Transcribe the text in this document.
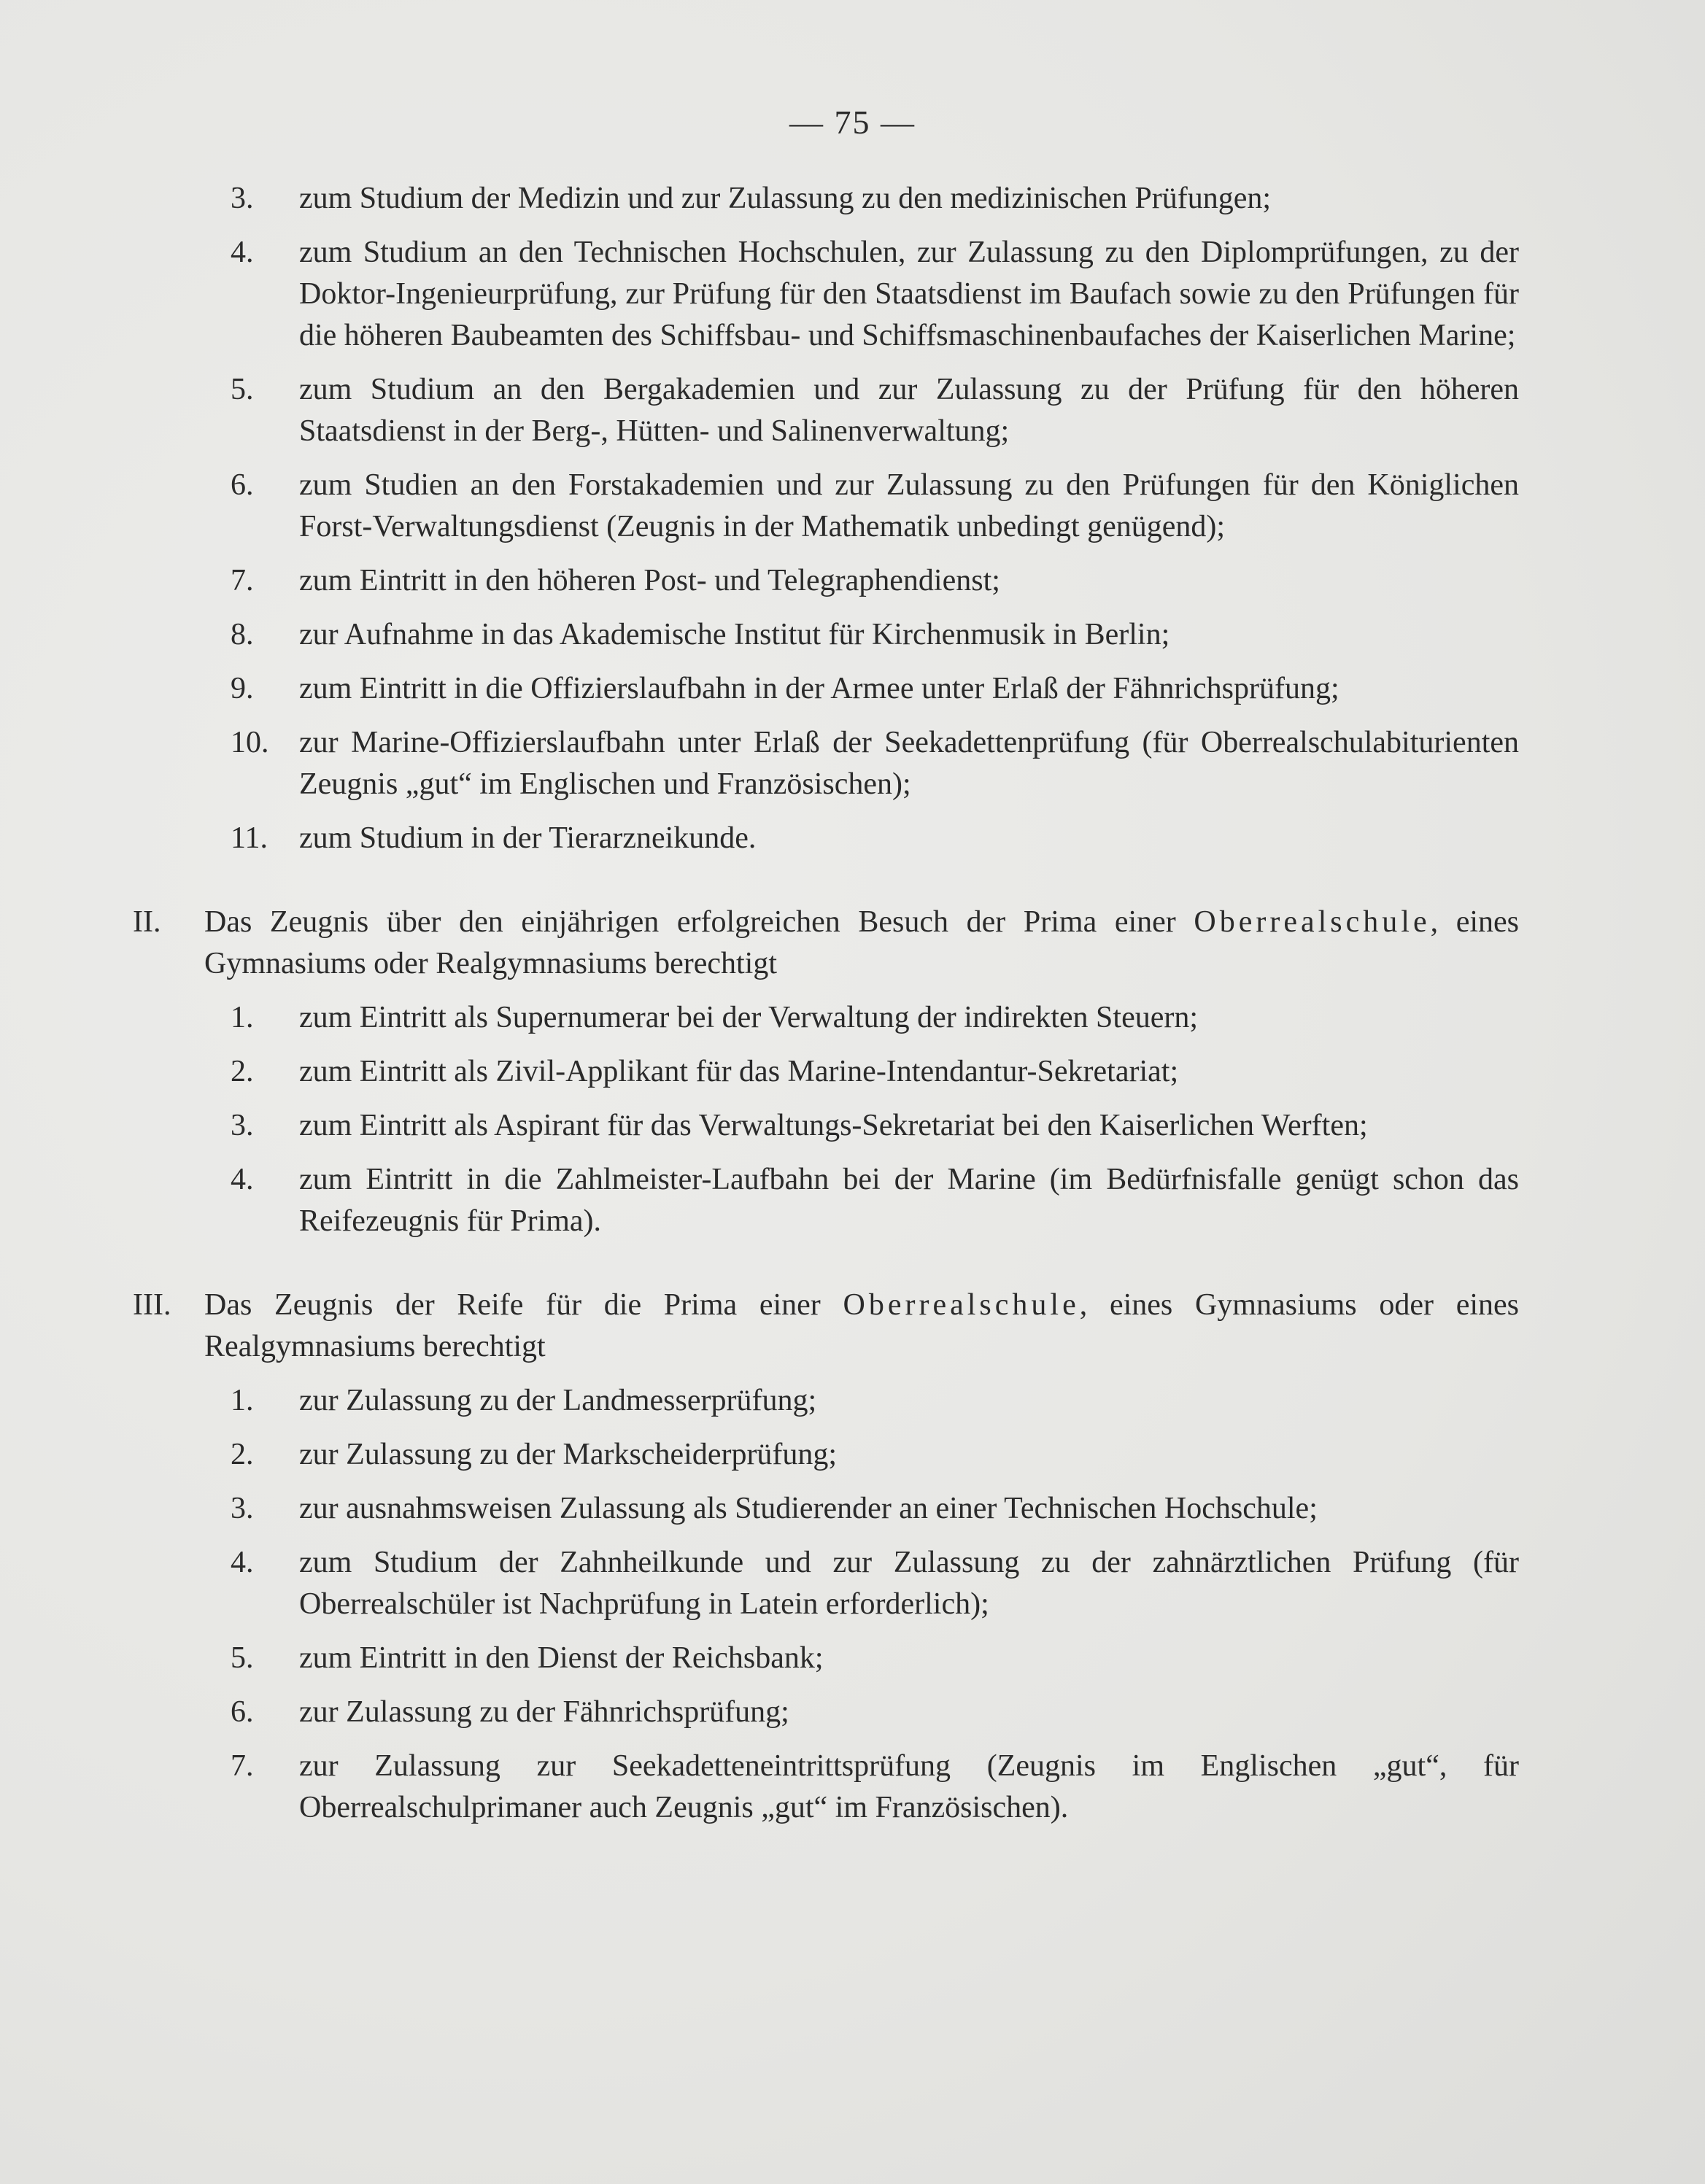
— 75 —
3.	zum Studium der Medizin und zur Zulassung zu den medizinischen Prüfungen;
4.	zum Studium an den Technischen Hochschulen, zur Zulassung zu den Diplomprüfungen, zu der Doktor-Ingenieurprüfung, zur Prüfung für den Staatsdienst im Baufach sowie zu den Prüfungen für die höheren Baubeamten des Schiffsbau- und Schiffsmaschinenbaufaches der Kaiserlichen Marine;
5.	zum Studium an den Bergakademien und zur Zulassung zu der Prüfung für den höheren Staatsdienst in der Berg-, Hütten- und Salinenverwaltung;
6.	zum Studien an den Forstakademien und zur Zulassung zu den Prüfungen für den Königlichen Forst-Verwaltungsdienst (Zeugnis in der Mathematik unbedingt genügend);
7.	zum Eintritt in den höheren Post- und Telegraphendienst;
8.	zur Aufnahme in das Akademische Institut für Kirchenmusik in Berlin;
9.	zum Eintritt in die Offizierslaufbahn in der Armee unter Erlaß der Fähnrichsprüfung;
10. zur Marine-Offizierslaufbahn unter Erlaß der Seekadettenprüfung (für Oberrealschulabiturienten Zeugnis „gut“ im Englischen und Französischen);
11.	zum Studium in der Tierarzneikunde.
II.	Das Zeugnis über den einjährigen erfolgreichen Besuch der Prima einer Oberrealschule, eines Gymnasiums oder Realgymnasiums berechtigt
1.	zum Eintritt als Supernumerar bei der Verwaltung der indirekten Steuern;
2.	zum Eintritt als Zivil-Applikant für das Marine-Intendantur-Sekretariat;
3.	zum Eintritt als Aspirant für das Verwaltungs-Sekretariat bei den Kaiserlichen Werften;
4.	zum Eintritt in die Zahlmeister-Laufbahn bei der Marine (im Bedürfnisfalle genügt schon das Reifezeugnis für Prima).
III.	Das Zeugnis der Reife für die Prima einer Oberrealschule, eines Gymnasiums oder eines Realgymnasiums berechtigt
1.	zur Zulassung zu der Landmesserprüfung;
2.	zur Zulassung zu der Markscheiderprüfung;
3.	zur ausnahmsweisen Zulassung als Studierender an einer Technischen Hochschule;
4.	zum Studium der Zahnheilkunde und zur Zulassung zu der zahnärztlichen Prüfung (für Oberrealschüler ist Nachprüfung in Latein erforderlich);
5.	zum Eintritt in den Dienst der Reichsbank;
6.	zur Zulassung zu der Fähnrichsprüfung;
7.	zur Zulassung zur Seekadetteneintrittsprüfung (Zeugnis im Englischen „gut“, für Oberrealschulprimaner auch Zeugnis „gut“ im Französischen).
